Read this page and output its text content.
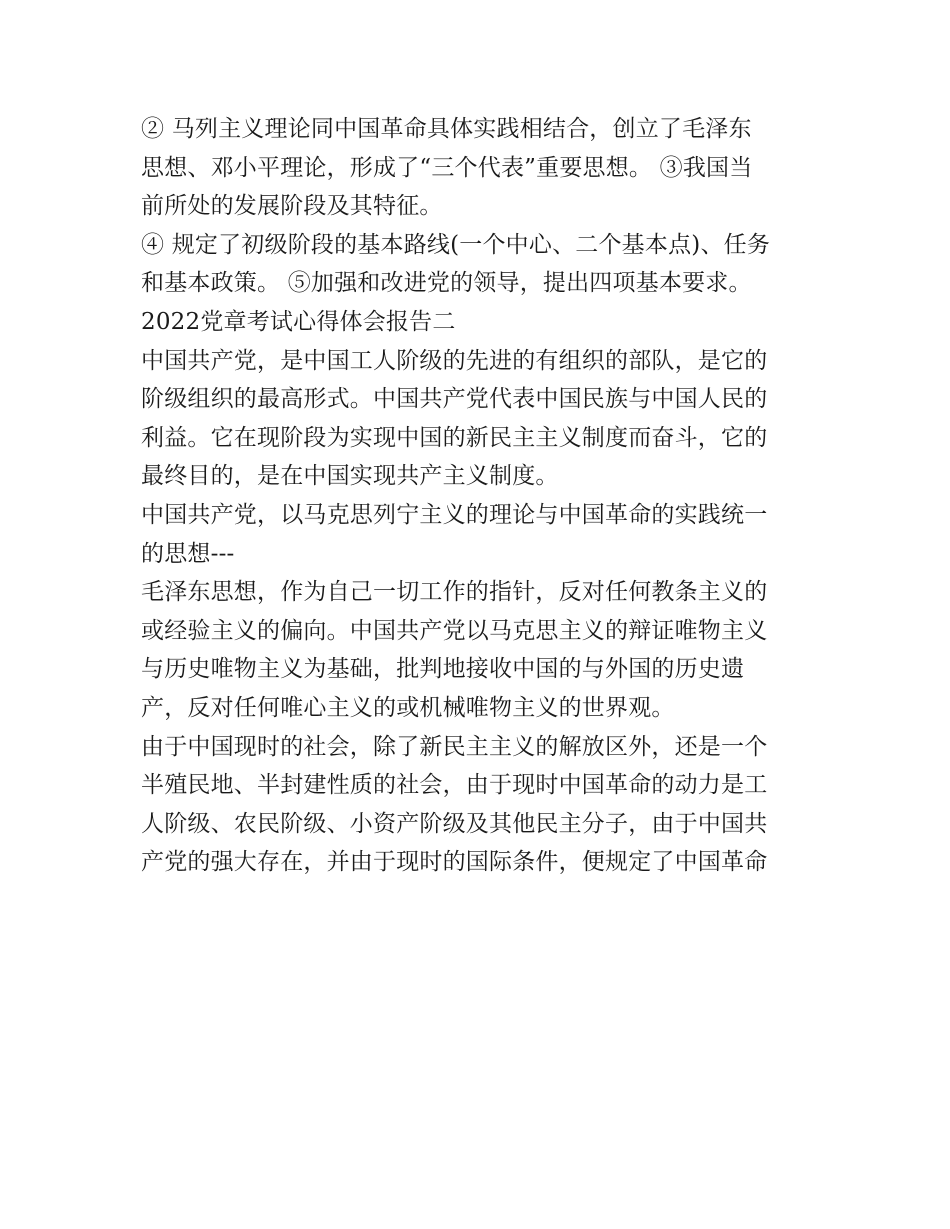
② 马列主义理论同中国革命具体实践相结合，创立了毛泽东
思想、邓小平理论，形成了“三个代表”重要思想。 ③我国当
前所处的发展阶段及其特征。
④ 规定了初级阶段的基本路线(一个中心、二个基本点)、任务
和基本政策。 ⑤加强和改进党的领导，提出四项基本要求。
2022党章考试心得体会报告二
中国共产党，是中国工人阶级的先进的有组织的部队，是它的
阶级组织的最高形式。中国共产党代表中国民族与中国人民的
利益。它在现阶段为实现中国的新民主主义制度而奋斗，它的
最终目的，是在中国实现共产主义制度。
中国共产党，以马克思列宁主义的理论与中国革命的实践统一
的思想---
毛泽东思想，作为自己一切工作的指针，反对任何教条主义的
或经验主义的偏向。中国共产党以马克思主义的辩证唯物主义
与历史唯物主义为基础，批判地接收中国的与外国的历史遗
产，反对任何唯心主义的或机械唯物主义的世界观。
由于中国现时的社会，除了新民主主义的解放区外，还是一个
半殖民地、半封建性质的社会，由于现时中国革命的动力是工
人阶级、农民阶级、小资产阶级及其他民主分子，由于中国共
产党的强大存在，并由于现时的国际条件，便规定了中国革命
